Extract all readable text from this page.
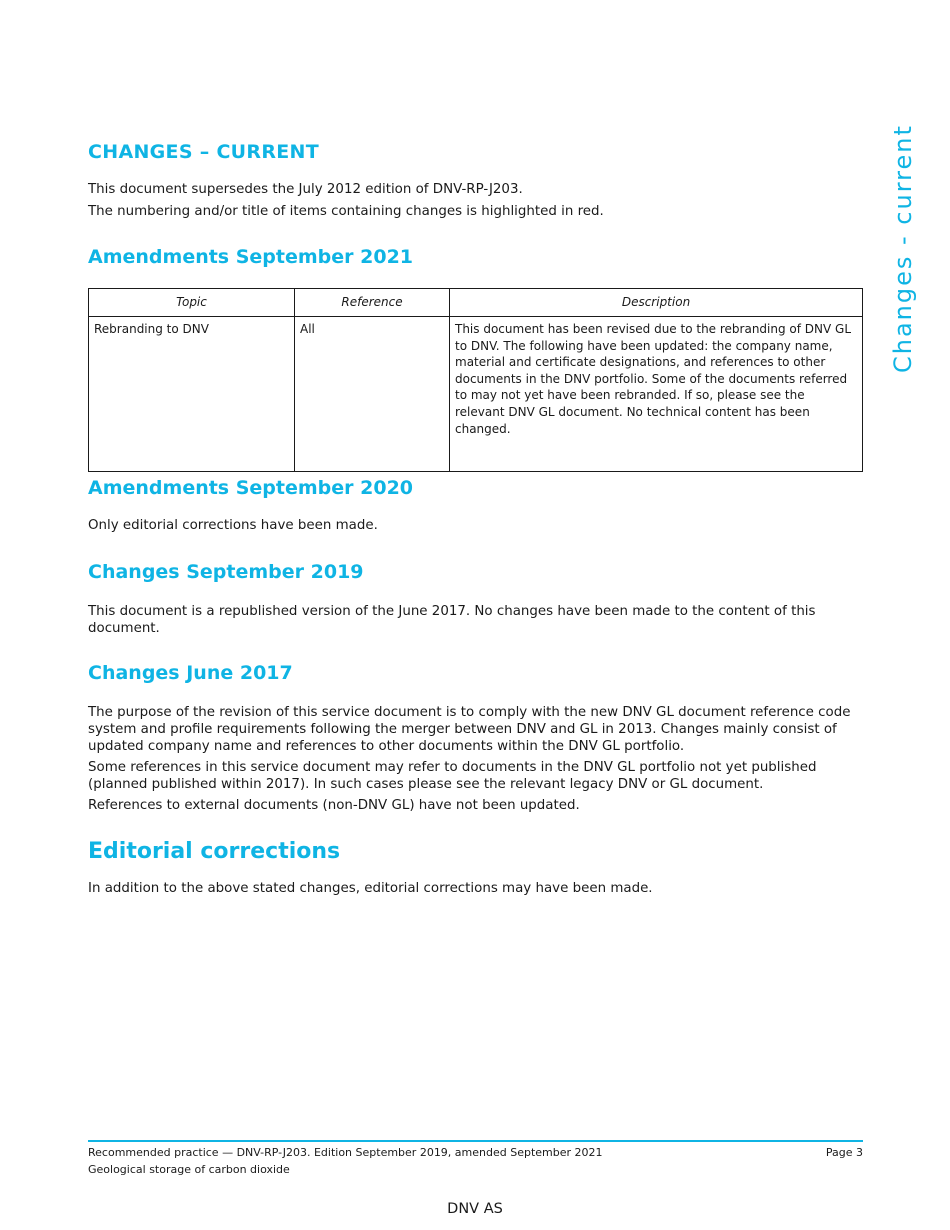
Changes - current
CHANGES – CURRENT

This document supersedes the July 2012 edition of DNV-RP-J203.

The numbering and/or title of items containing changes is highlighted in red.

Amendments September 2021
Topic	Reference	Description
Rebranding to DNV	All	This document has been revised due to the rebranding of DNV GL to DNV. The following have been updated: the company name, material and certificate designations, and references to other documents in the DNV portfolio. Some of the documents referred to may not yet have been rebranded. If so, please see the relevant DNV GL document. No technical content has been changed.
Amendments September 2020

Only editorial corrections have been made.

Changes September 2019

This document is a republished version of the June 2017. No changes have been made to the content of this document.

Changes June 2017

The purpose of the revision of this service document is to comply with the new DNV GL document reference code system and profile requirements following the merger between DNV and GL in 2013. Changes mainly consist of updated company name and references to other documents within the DNV GL portfolio.

Some references in this service document may refer to documents in the DNV GL portfolio not yet published (planned published within 2017). In such cases please see the relevant legacy DNV or GL document.

References to external documents (non-DNV GL) have not been updated.

Editorial corrections

In addition to the above stated changes, editorial corrections may have been made.

Recommended practice — DNV-RP-J203. Edition September 2019, amended September 2021	Page 3
Geological storage of carbon dioxide
DNV AS
